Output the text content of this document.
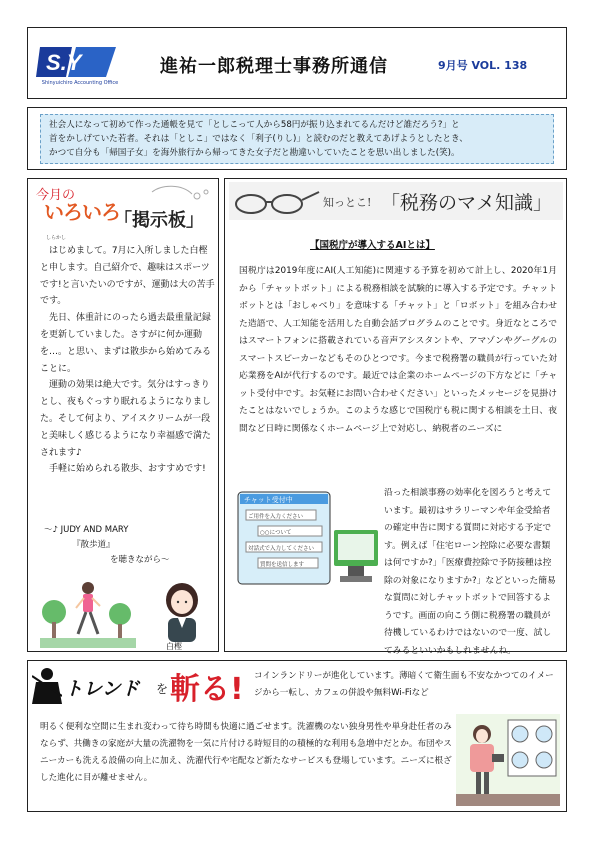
S.Y
Shinyuichiro Accounting Office
進祐一郎税理士事務所通信	9月号 VOL. 138
社会人になって初めて作った通帳を見て「としこって人から58円が振り込まれてるんだけど誰だろう?」と
首をかしげていた若者。それは「としこ」ではなく「利子(りし)」と読むのだと教えてあげようとしたとき、
かつて自分も「帰国子女」を海外旅行から帰ってきた女子だと勘違いしていたことを思い出しました(笑)。
今月の
いろいろ
「掲示板」
しらかし

はじめまして。7月に入所しました白樫と申します。自己紹介で、趣味はスポーツです!と言いたいのですが、運動は大の苦手です。

先日、体重計にのったら過去最重量記録を更新していました。さすがに何か運動を…。と思い、まずは散歩から始めてみることに。

運動の効果は絶大です。気分はすっきりとし、夜もぐっすり眠れるようになりました。そして何より、アイスクリームが一段と美味しく感じるようになり幸福感で満たされます♪

手軽に始められる散歩、おすすめです!

～♪ JUDY AND MARY
『散歩道』
を聴きながら～
白樫
知っとこ! 「税務のマメ知識」
【国税庁が導入するAIとは】
国税庁は2019年度にAI(人工知能)に関連する予算を初めて計上し、2020年1月から「チャットボット」による税務相談を試験的に導入する予定です。チャットボットとは「おしゃべり」を意味する「チャット」と「ロボット」を組み合わせた造語で、人工知能を活用した自動会話プログラムのことです。身近なところではスマートフォンに搭載されている音声アシスタントや、アマゾンやグーグルのスマートスピーカーなどもそのひとつです。今まで税務署の職員が行っていた対応業務をAIが代行するのです。最近では企業のホームページの下方などに「チャット受付中です。お気軽にお問い合わせください」といったメッセージを見掛けたことはないでしょうか。このような感じで国税庁も税に関する相談を土日、夜間など日時に関係なくホームページ上で対応し、納税者のニーズに
チャット受付中
ご用件を入力ください
○○について
対話式で入力してください
質問を送信します
沿った相談事務の効率化を図ろうと考えています。最初はサラリーマンや年金受給者の確定申告に関する質問に対応する予定です。例えば「住宅ローン控除に必要な書類は何ですか?」「医療費控除で予防接種は控除の対象になりますか?」などといった簡易な質問に対しチャットボットで回答するようです。画面の向こう側に税務署の職員が待機しているわけではないので一度、試してみるといいかもしれませんね。
トレンド を 斬る! コインランドリーが進化しています。薄暗くて衛生面も不安なかつてのイメージから一転し、カフェの併設や無料Wi-Fiなど
明るく便利な空間に生まれ変わって待ち時間も快適に過ごせます。洗濯機のない独身男性や単身赴任者のみならず、共働きの家庭が大量の洗濯物を一気に片付ける時短目的の積極的な利用も急増中だとか。布団やスニーカーも洗える設備の向上に加え、洗濯代行や宅配など新たなサービスも登場しています。ニーズに根ざした進化に目が離せません。
